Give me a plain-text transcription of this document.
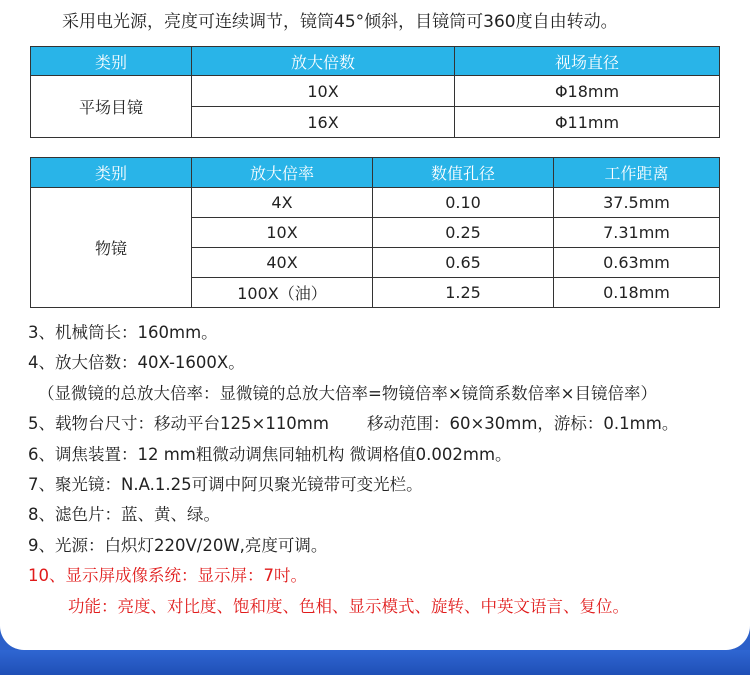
采用电光源，亮度可连续调节，镜筒45°倾斜，目镜筒可360度自由转动。
类别	放大倍数	视场直径
平场目镜	10X	Φ18mm
	16X	Φ11mm
类别	放大倍率	数值孔径	工作距离
物镜	4X	0.10	37.5mm
	10X	0.25	7.31mm
	40X	0.65	0.63mm
	100X（油）	1.25	0.18mm
3、机械筒长：160mm。
4、放大倍数：40X-1600X。
（显微镜的总放大倍率：显微镜的总放大倍率=物镜倍率×镜筒系数倍率×目镜倍率）
5、载物台尺寸：移动平台125×110mm 移动范围：60×30mm，游标：0.1mm。
6、调焦装置：12 mm粗微动调焦同轴机构 微调格值0.002mm。
7、聚光镜：N.A.1.25可调中阿贝聚光镜带可变光栏。
8、滤色片：蓝、黄、绿。
9、光源：白炽灯220V/20W,亮度可调。
10、显示屏成像系统：显示屏：7吋。
功能：亮度、对比度、饱和度、色相、显示模式、旋转、中英文语言、复位。
